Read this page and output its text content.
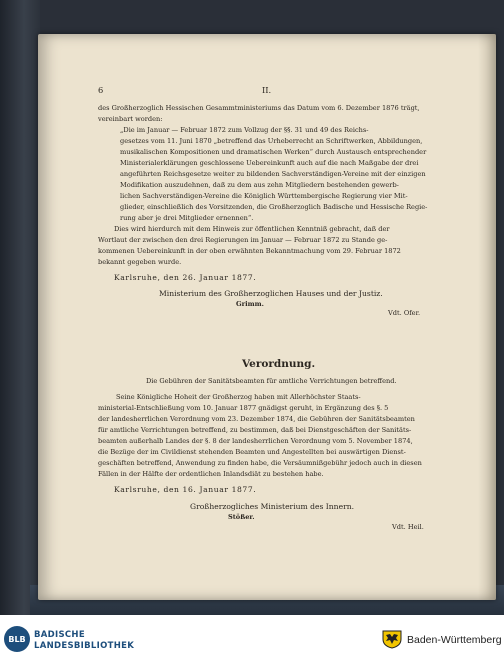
6	II.
des Großherzoglich Hessischen Gesammtministeriums das Datum vom 6. Dezember 1876 trägt,
vereinbart worden:
„Die im Januar — Februar 1872 zum Vollzug der §§. 31 und 49 des Reichs-
gesetzes vom 11. Juni 1870 „betreffend das Urheberrecht an Schriftwerken, Abbildungen,
musikalischen Kompositionen und dramatischen Werken“ durch Austausch entsprechender
Ministerialerklärungen geschlossene Uebereinkunft auch auf die nach Maßgabe der drei
angeführten Reichsgesetze weiter zu bildenden Sachverständigen-Vereine mit der einzigen
Modifikation auszudehnen, daß zu dem aus zehn Mitgliedern bestehenden gewerb-
lichen Sachverständigen-Vereine die Königlich Württembergische Regierung vier Mit-
glieder, einschließlich des Vorsitzenden, die Großherzoglich Badische und Hessische Regie-
rung aber je drei Mitglieder ernennen“.
Dies wird hierdurch mit dem Hinweis zur öffentlichen Kenntniß gebracht, daß der
Wortlaut der zwischen den drei Regierungen im Januar — Februar 1872 zu Stande ge-
kommenen Uebereinkunft in der oben erwähnten Bekanntmachung vom 29. Februar 1872
bekannt gegeben wurde.
Karlsruhe, den 26. Januar 1877.
Ministerium des Großherzoglichen Hauses und der Justiz.
Grimm.
Vdt. Ofer.
Verordnung.
Die Gebühren der Sanitätsbeamten für amtliche Verrichtungen betreffend.
Seine Königliche Hoheit der Großherzog haben mit Allerhöchster Staats-
ministerial-Entschließung vom 10. Januar 1877 gnädigst geruht, in Ergänzung des §. 5
der landesherrlichen Verordnung vom 23. Dezember 1874, die Gebühren der Sanitätsbeamten
für amtliche Verrichtungen betreffend, zu bestimmen, daß bei Dienstgeschäften der Sanitäts-
beamten außerhalb Landes der §. 8 der landesherrlichen Verordnung vom 5. November 1874,
die Bezüge der im Civildienst stehenden Beamten und Angestellten bei auswärtigen Dienst-
geschäften betreffend, Anwendung zu finden habe, die Versäumnißgebühr jedoch auch in diesen
Fällen in der Hälfte der ordentlichen Inlandsdiät zu bestehen habe.
Karlsruhe, den 16. Januar 1877.
Großherzogliches Ministerium des Innern.
Stößer.
Vdt. Heil.
BLB BADISCHE
LANDESBIBLIOTHEK	Baden-Württemberg
